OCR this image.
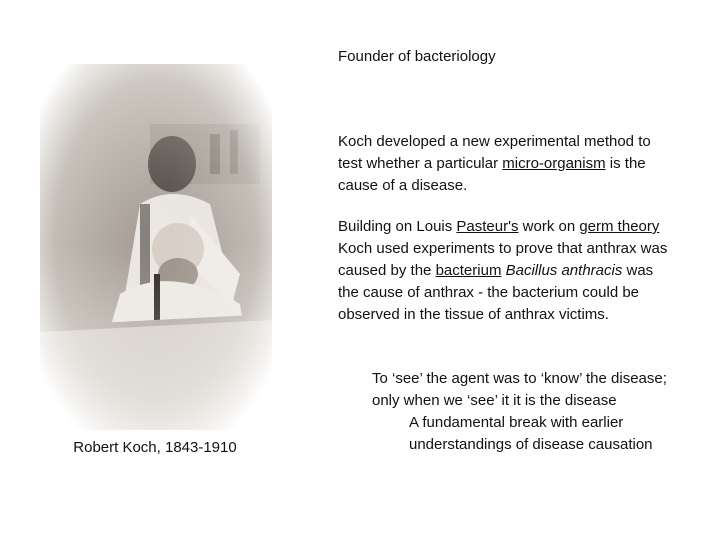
Founder of bacteriology
Robert Koch, 1843-1910
Koch developed a new experimental method to test whether a particular micro-organism is the cause of a disease.
Building on Louis Pasteur's work on germ theory Koch used experiments to prove that anthrax was caused by the bacterium Bacillus anthracis was the cause of anthrax - the bacterium could be observed in the tissue of anthrax victims.
To ‘see’ the agent was to ‘know’ the disease; only when we ‘see’ it it is the disease
A fundamental break with earlier understandings of disease causation
